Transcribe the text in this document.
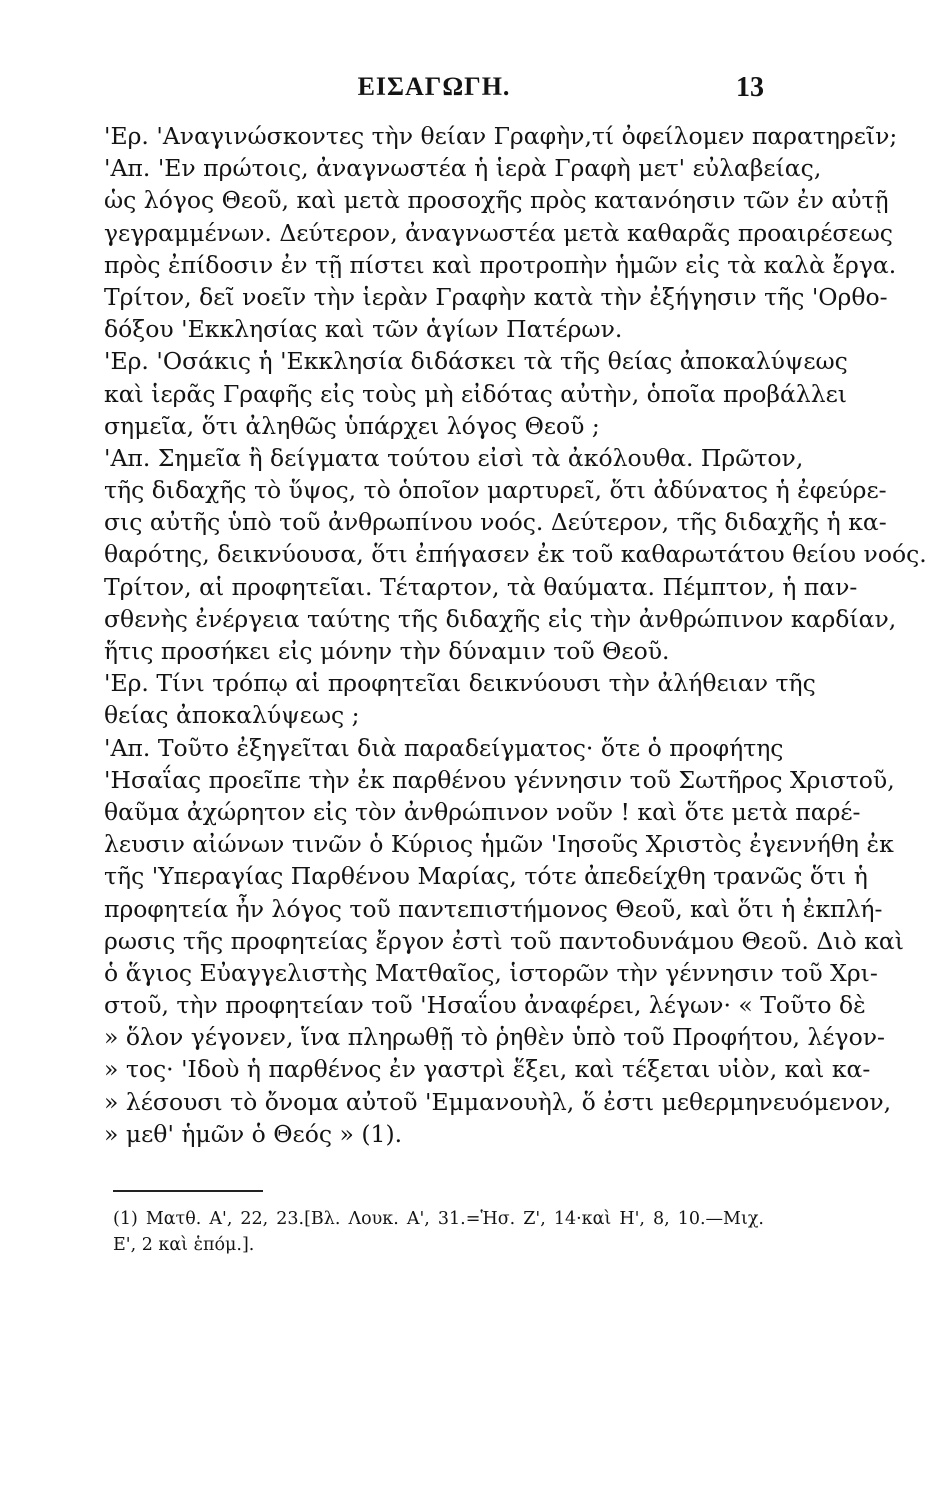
ΕΙΣΑΓΩΓΗ.	13
'Ερ. 'Αναγινώσκοντες τὴν θείαν Γραφὴν,τί ὀφείλομεν παρατηρεῖν;
'Απ. 'Εν πρώτοις, ἀναγνωστέα ἡ ἱερὰ Γραφὴ μετ' εὐλαβείας,
ὡς λόγος Θεοῦ, καὶ μετὰ προσοχῆς πρὸς κατανόησιν τῶν ἐν αὐτῇ
γεγραμμένων. Δεύτερον, ἀναγνωστέα μετὰ καθαρᾶς προαιρέσεως
πρὸς ἐπίδοσιν ἐν τῇ πίστει καὶ προτροπὴν ἡμῶν εἰς τὰ καλὰ ἔργα.
Τρίτον, δεῖ νοεῖν τὴν ἱερὰν Γραφὴν κατὰ τὴν ἐξήγησιν τῆς 'Ορθο-
δόξου 'Εκκλησίας καὶ τῶν ἁγίων Πατέρων.
'Ερ. 'Οσάκις ἡ 'Εκκλησία διδάσκει τὰ τῆς θείας ἀποκαλύψεως
καὶ ἱερᾶς Γραφῆς εἰς τοὺς μὴ εἰδότας αὐτὴν, ὁποῖα προβάλλει
σημεῖα, ὅτι ἀληθῶς ὑπάρχει λόγος Θεοῦ ;
'Απ. Σημεῖα ἢ δείγματα τούτου εἰσὶ τὰ ἀκόλουθα. Πρῶτον,
τῆς διδαχῆς τὸ ὕψος, τὸ ὁποῖον μαρτυρεῖ, ὅτι ἀδύνατος ἡ ἐφεύρε-
σις αὐτῆς ὑπὸ τοῦ ἀνθρωπίνου νοός. Δεύτερον, τῆς διδαχῆς ἡ κα-
θαρότης, δεικνύουσα, ὅτι ἐπήγασεν ἐκ τοῦ καθαρωτάτου θείου νοός.
Τρίτον, αἱ προφητεῖαι. Τέταρτον, τὰ θαύματα. Πέμπτον, ἡ παν-
σθενὴς ἐνέργεια ταύτης τῆς διδαχῆς εἰς τὴν ἀνθρώπινον καρδίαν,
ἥτις προσήκει εἰς μόνην τὴν δύναμιν τοῦ Θεοῦ.
'Ερ. Τίνι τρόπῳ αἱ προφητεῖαι δεικνύουσι τὴν ἀλήθειαν τῆς
θείας ἀποκαλύψεως ;
'Απ. Τοῦτο ἐξηγεῖται διὰ παραδείγματος· ὅτε ὁ προφήτης
'Ησαΐας προεῖπε τὴν ἐκ παρθένου γέννησιν τοῦ Σωτῆρος Χριστοῦ,
θαῦμα ἀχώρητον εἰς τὸν ἀνθρώπινον νοῦν ! καὶ ὅτε μετὰ παρέ-
λευσιν αἰώνων τινῶν ὁ Κύριος ἡμῶν 'Ιησοῦς Χριστὸς ἐγεννήθη ἐκ
τῆς 'Υπεραγίας Παρθένου Μαρίας, τότε ἀπεδείχθη τρανῶς ὅτι ἡ
προφητεία ἦν λόγος τοῦ παντεπιστήμονος Θεοῦ, καὶ ὅτι ἡ ἐκπλή-
ρωσις τῆς προφητείας ἔργον ἐστὶ τοῦ παντοδυνάμου Θεοῦ. Διὸ καὶ
ὁ ἅγιος Εὐαγγελιστὴς Ματθαῖος, ἱστορῶν τὴν γέννησιν τοῦ Χρι-
στοῦ, τὴν προφητείαν τοῦ 'Ησαΐου ἀναφέρει, λέγων· « Τοῦτο δὲ
» ὅλον γέγονεν, ἵνα πληρωθῇ τὸ ῥηθὲν ὑπὸ τοῦ Προφήτου, λέγον-
» τος· 'Ιδοὺ ἡ παρθένος ἐν γαστρὶ ἕξει, καὶ τέξεται υἱὸν, καὶ κα-
» λέσουσι τὸ ὄνομα αὐτοῦ 'Εμμανουὴλ, ὅ ἐστι μεθερμηνευόμενον,
» μεθ' ἡμῶν ὁ Θεός » (1).
(1) Ματθ. Α', 22, 23.[Βλ. Λουκ. Α', 31.=Ἡσ. Ζ', 14·καὶ Η', 8, 10.—Μιχ.
Ε', 2 καὶ ἑπόμ.].
